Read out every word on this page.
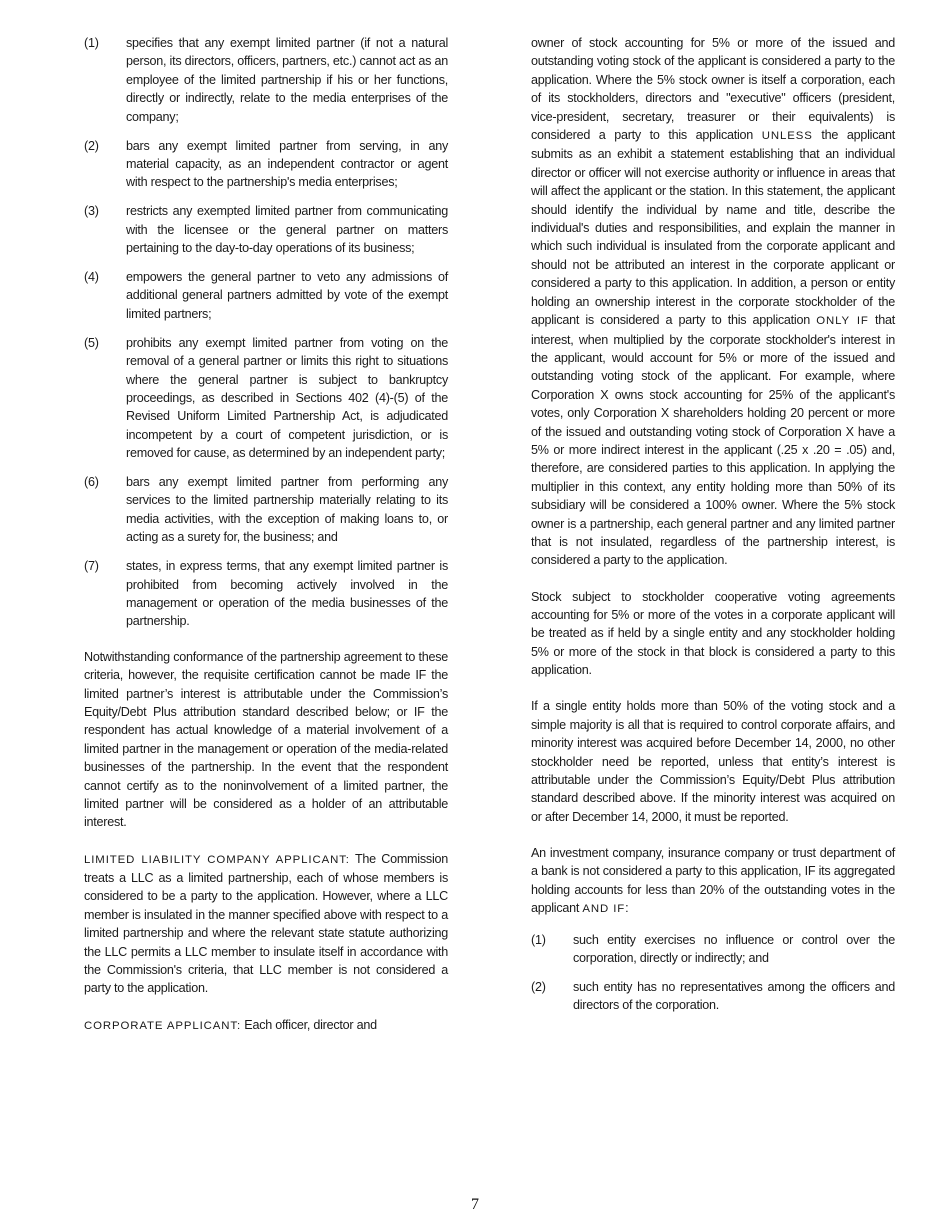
(1)	specifies that any exempt limited partner (if not a natural person, its directors, officers, partners, etc.) cannot act as an employee of the limited partnership if his or her functions, directly or indirectly, relate to the media enterprises of the company;
(2)	bars any exempt limited partner from serving, in any material capacity, as an independent contractor or agent with respect to the partnership's media enterprises;
(3)	restricts any exempted limited partner from communicating with the licensee or the general partner on matters pertaining to the day-to-day operations of its business;
(4)	empowers the general partner to veto any admissions of additional general partners admitted by vote of the exempt limited partners;
(5)	prohibits any exempt limited partner from voting on the removal of a general partner or limits this right to situations where the general partner is subject to bankruptcy proceedings, as described in Sections 402 (4)-(5) of the Revised Uniform Limited Partnership Act, is adjudicated incompetent by a court of competent jurisdiction, or is removed for cause, as determined by an independent party;
(6)	bars any exempt limited partner from performing any services to the limited partnership materially relating to its media activities, with the exception of making loans to, or acting as a surety for, the business; and
(7)	states, in express terms, that any exempt limited partner is prohibited from becoming actively involved in the management or operation of the media businesses of the partnership.

Notwithstanding conformance of the partnership agreement to these criteria, however, the requisite certification cannot be made IF the limited partner’s interest is attributable under the Commission’s Equity/Debt Plus attribution standard described below; or IF the respondent has actual knowledge of a material involvement of a limited partner in the management or operation of the media-related businesses of the partnership. In the event that the respondent cannot certify as to the noninvolvement of a limited partner, the limited partner will be considered as a holder of an attributable interest.

LIMITED LIABILITY COMPANY APPLICANT: The Commission treats a LLC as a limited partnership, each of whose members is considered to be a party to the application. However, where a LLC member is insulated in the manner specified above with respect to a limited partnership and where the relevant state statute authorizing the LLC permits a LLC member to insulate itself in accordance with the Commission's criteria, that LLC member is not considered a party to the application.

CORPORATE APPLICANT: Each officer, director and

owner of stock accounting for 5% or more of the issued and outstanding voting stock of the applicant is considered a party to the application. Where the 5% stock owner is itself a corporation, each of its stockholders, directors and "executive" officers (president, vice-president, secretary, treasurer or their equivalents) is considered a party to this application UNLESS the applicant submits as an exhibit a statement establishing that an individual director or officer will not exercise authority or influence in areas that will affect the applicant or the station. In this statement, the applicant should identify the individual by name and title, describe the individual's duties and responsibilities, and explain the manner in which such individual is insulated from the corporate applicant and should not be attributed an interest in the corporate applicant or considered a party to this application. In addition, a person or entity holding an ownership interest in the corporate stockholder of the applicant is considered a party to this application ONLY IF that interest, when multiplied by the corporate stockholder's interest in the applicant, would account for 5% or more of the issued and outstanding voting stock of the applicant. For example, where Corporation X owns stock accounting for 25% of the applicant's votes, only Corporation X shareholders holding 20 percent or more of the issued and outstanding voting stock of Corporation X have a 5% or more indirect interest in the applicant (.25 x .20 = .05) and, therefore, are considered parties to this application. In applying the multiplier in this context, any entity holding more than 50% of its subsidiary will be considered a 100% owner. Where the 5% stock owner is a partnership, each general partner and any limited partner that is not insulated, regardless of the partnership interest, is considered a party to the application.

Stock subject to stockholder cooperative voting agreements accounting for 5% or more of the votes in a corporate applicant will be treated as if held by a single entity and any stockholder holding 5% or more of the stock in that block is considered a party to this application.

If a single entity holds more than 50% of the voting stock and a simple majority is all that is required to control corporate affairs, and minority interest was acquired before December 14, 2000, no other stockholder need be reported, unless that entity’s interest is attributable under the Commission’s Equity/Debt Plus attribution standard described above. If the minority interest was acquired on or after December 14, 2000, it must be reported.

An investment company, insurance company or trust department of a bank is not considered a party to this application, IF its aggregated holding accounts for less than 20% of the outstanding votes in the applicant AND IF:

(1)	such entity exercises no influence or control over the corporation, directly or indirectly; and
(2)	such entity has no representatives among the officers and directors of the corporation.
7
